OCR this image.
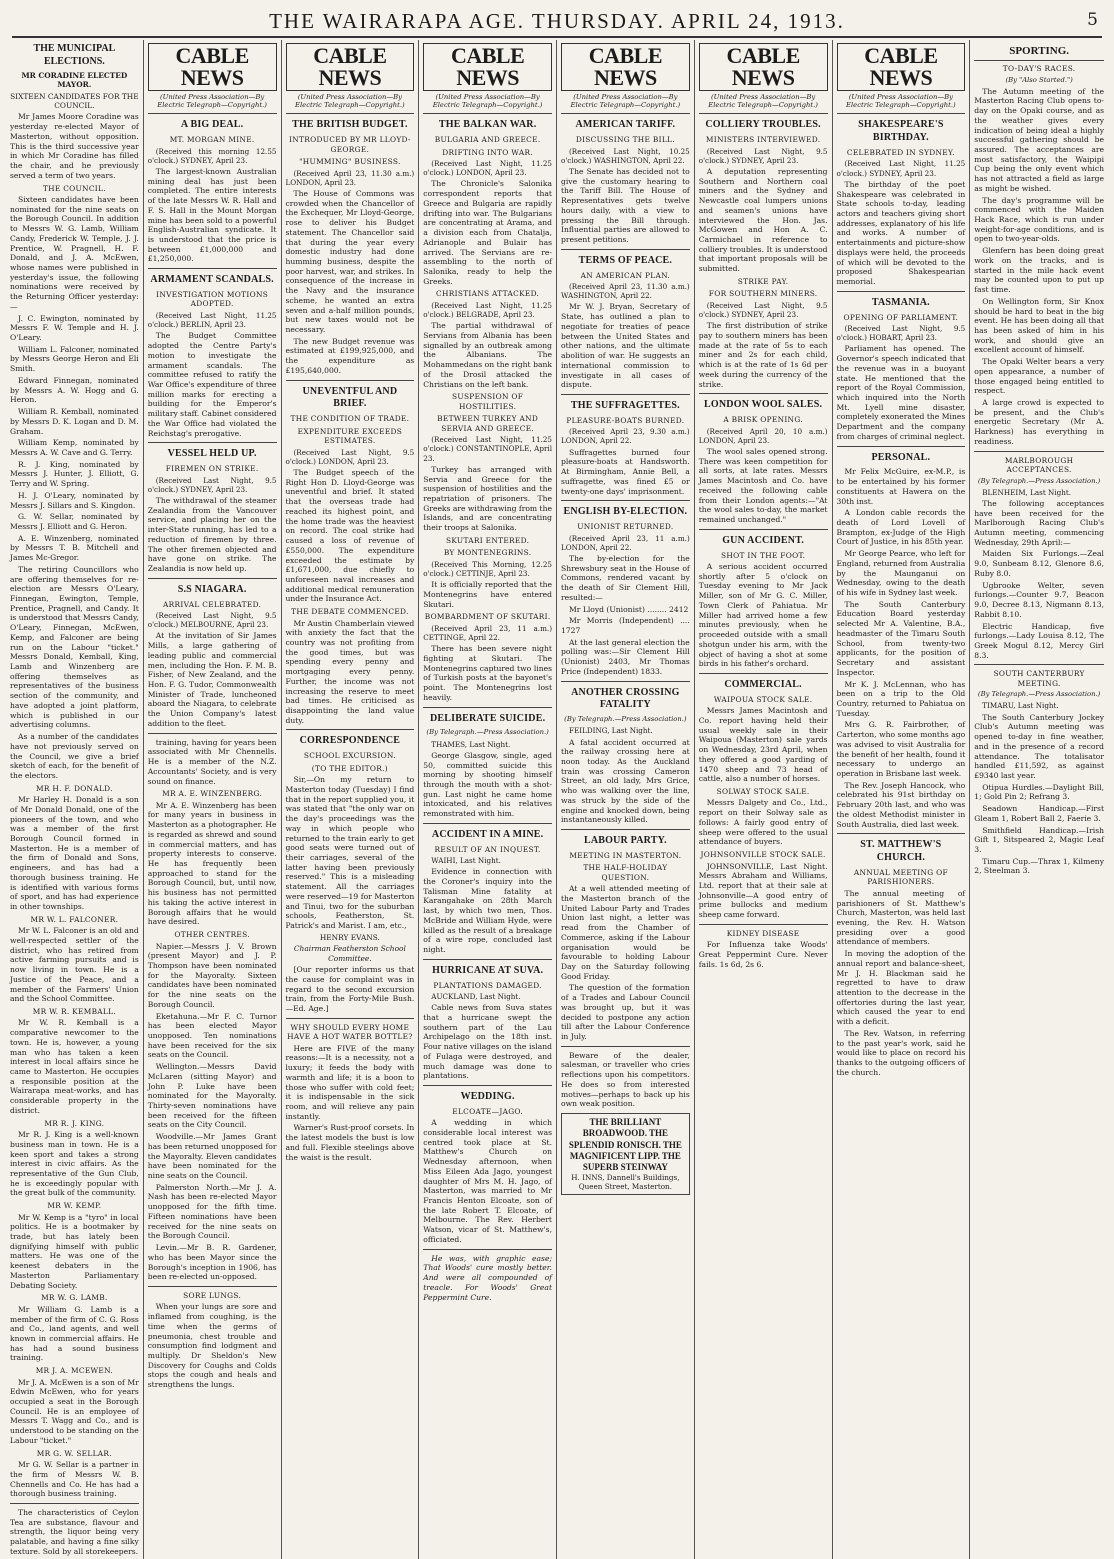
THE WAIRARAPA AGE. THURSDAY. APRIL 24, 1913.	5
THE MUNICIPAL ELECTIONS.
MR CORADINE ELECTED MAYOR.
SIXTEEN CANDIDATES FOR THE COUNCIL.

Mr James Moore Coradine was yesterday re-elected Mayor of Masterton, without opposition. This is the third successive year in which Mr Coradine has filled the chair, and he previously served a term of two years.

THE COUNCIL.

Sixteen candidates have been nominated for the nine seats on the Borough Council. In addition to Messrs W. G. Lamb, William Candy, Frederick W. Temple, J. J. Prentice, W. Pragnell, H. F. Donald, and J. A. McEwen, whose names were published in yesterday's issue, the following nominations were received by the Returning Officer yesterday:—

J. C. Ewington, nominated by Messrs F. W. Temple and H. J. O'Leary.

William L. Falconer, nominated by Messrs George Heron and Eli Smith.

Edward Finnegan, nominated by Messrs A. W. Hogg and G. Heron.

William R. Kemball, nominated by Messrs D. K. Logan and D. M. Graham.

William Kemp, nominated by Messrs A. W. Cave and G. Terry.

R. J. King, nominated by Messrs J. Hunter, J. Elliott, G. Terry and W. Spring.

H. J. O'Leary, nominated by Messrs J. Sillars and S. Kingdon.

G. W. Sellar, nominated by Messrs J. Elliott and G. Heron.

A. E. Winzenberg, nominated by Messrs T. B. Mitchell and James Mc-Gregor.

The retiring Councillors who are offering themselves for re-election are Messrs O'Leary, Finnegan, Ewington, Temple, Prentice, Pragnell, and Candy. It is understood that Messrs Candy, O'Leary, Finnegan, McEwen, Kemp, and Falconer are being run on the Labour "ticket." Messrs Donald, Kemball, King, Lamb and Winzenberg are offering themselves as representatives of the business section of the community, and have adopted a joint platform, which is published in our advertising columns.

As a number of the candidates have not previously served on the Council, we give a brief sketch of each, for the benefit of the electors.

MR H. F. DONALD.

Mr Harley H. Donald is a son of Mr Donald Donald, one of the pioneers of the town, and who was a member of the first Borough Council formed in Masterton. He is a member of the firm of Donald and Sons, engineers, and has had a thorough business training. He is identified with various forms of sport, and has had experience in other townships.

MR W. L. FALCONER.

Mr W. L. Falconer is an old and well-respected settler of the district, who has retired from active farming pursuits and is now living in town. He is a Justice of the Peace, and a member of the Farmers' Union and the School Committee.

MR W. R. KEMBALL.

Mr W. R. Kemball is a comparative newcomer to the town. He is, however, a young man who has taken a keen interest in local affairs since he came to Masterton. He occupies a responsible position at the Wairarapa meat-works, and has considerable property in the district.

MR R. J. KING.

Mr R. J. King is a well-known business man in town. He is a keen sport and takes a strong interest in civic affairs. As the representative of the Gun Club, he is exceedingly popular with the great bulk of the community.

MR W. KEMP.

Mr W. Kemp is a "tyro" in local politics. He is a bootmaker by trade, but has lately been dignifying himself with public matters. He was one of the keenest debaters in the Masterton Parliamentary Debating Society.

MR W. G. LAMB.

Mr William G. Lamb is a member of the firm of C. G. Ross and Co., land agents, and well known in commercial affairs. He has had a sound business training.

MR J. A. MCEWEN.

Mr J. A. McEwen is a son of Mr Edwin McEwen, who for years occupied a seat in the Borough Council. He is an employee of Messrs T. Wagg and Co., and is understood to be standing on the Labour "ticket."

MR G. W. SELLAR.

Mr G. W. Sellar is a partner in the firm of Messrs W. B. Chennells and Co. He has had a thorough business training.

The characteristics of Ceylon Tea are substance, flavour and strength, the liquor being very palatable, and having a fine silky texture. Sold by all storekeepers.

CABLE NEWS
(United Press Association—By Electric Telegraph—Copyright.)
A BIG DEAL.
MT. MORGAN MINE.

(Received this morning 12.55 o'clock.) SYDNEY, April 23.

The largest-known Australian mining deal has just been completed. The entire interests of the late Messrs W. R. Hall and F. S. Hall in the Mount Morgan mine has been sold to a powerful English-Australian syndicate. It is understood that the price is between £1,000,000 and £1,250,000.

ARMAMENT SCANDALS.
INVESTIGATION MOTIONS ADOPTED.

(Received Last Night, 11.25 o'clock.) BERLIN, April 23.

The Budget Committee adopted the Centre Party's motion to investigate the armament scandals. The committee refused to ratify the War Office's expenditure of three million marks for erecting a building for the Emperor's military staff. Cabinet considered the War Office had violated the Reichstag's prerogative.

VESSEL HELD UP.
FIREMEN ON STRIKE.

(Received Last Night, 9.5 o'clock.) SYDNEY, April 23.

The withdrawal of the steamer Zealandia from the Vancouver service, and placing her on the inter-State running, has led to a reduction of firemen by three. The other firemen objected and have gone on strike. The Zealandia is now held up.

S.S NIAGARA.
ARRIVAL CELEBRATED.

(Received Last Night, 9.5 o'clock.) MELBOURNE, April 23.

At the invitation of Sir James Mills, a large gathering of leading public and commercial men, including the Hon. F. M. B. Fisher, of New Zealand, and the Hon. F. G. Tudor, Commonwealth Minister of Trade, luncheoned aboard the Niagara, to celebrate the Union Company's latest addition to the fleet.

training, having for years been associated with Mr Chennells. He is a member of the N.Z. Accountants' Society, and is very sound on finance.

MR A. E. WINZENBERG.

Mr A. E. Winzenberg has been for many years in business in Masterton as a photographer. He is regarded as shrewd and sound in commercial matters, and has property interests to conserve. He has frequently been approached to stand for the Borough Council, but, until now, his business has not permitted his taking the active interest in Borough affairs that he would have desired.

OTHER CENTRES.

Napier.—Messrs J. V. Brown (present Mayor) and J. P. Thompson have been nominated for the Mayoralty. Sixteen candidates have been nominated for the nine seats on the Borough Council.

Eketahuna.—Mr F. C. Turnor has been elected Mayor unopposed. Ten nominations have been received for the six seats on the Council.

Wellington.—Messrs David McLaren (sitting Mayor) and John P. Luke have been nominated for the Mayoralty. Thirty-seven nominations have been received for the fifteen seats on the City Council.

Woodville.—Mr James Grant has been returned unopposed for the Mayoralty. Eleven candidates have been nominated for the nine seats on the Council.

Palmerston North.—Mr J. A. Nash has been re-elected Mayor unopposed for the fifth time. Fifteen nominations have been received for the nine seats on the Borough Council.

Levin.—Mr B. R. Gardener, who has been Mayor since the Borough's inception in 1906, has been re-elected un-opposed.

SORE LUNGS.

When your lungs are sore and inflamed from coughing, is the time when the germs of pneumonia, chest trouble and consumption find lodgment and multiply. Dr Sheldon's New Discovery for Coughs and Colds stops the cough and heals and strengthens the lungs.

CABLE NEWS
(United Press Association—By Electric Telegraph—Copyright.)
THE BRITISH BUDGET.
INTRODUCED BY MR LLOYD-GEORGE.
"HUMMING" BUSINESS.

(Received April 23, 11.30 a.m.) LONDON, April 23.

The House of Commons was crowded when the Chancellor of the Exchequer, Mr Lloyd-George, rose to deliver his Budget statement. The Chancellor said that during the year every domestic industry had done humming business, despite the poor harvest, war, and strikes. In consequence of the increase in the Navy and the insurance scheme, he wanted an extra seven and a-half million pounds, but new taxes would not be necessary.

The new Budget revenue was estimated at £199,925,000, and the expenditure as £195,640,000.

UNEVENTFUL AND BRIEF.
THE CONDITION OF TRADE.
EXPENDITURE EXCEEDS ESTIMATES.

(Received Last Night, 9.5 o'clock.) LONDON, April 23.

The Budget speech of the Right Hon D. Lloyd-George was uneventful and brief. It stated that the overseas trade had reached its highest point, and the home trade was the heaviest on record. The coal strike had caused a loss of revenue of £550,000. The expenditure exceeded the estimate by £1,671,000, due chiefly to unforeseen naval increases and additional medical remuneration under the Insurance Act.

THE DEBATE COMMENCED.

Mr Austin Chamberlain viewed with anxiety the fact that the country was not profiting from the good times, but was spending every penny and mortgaging every penny. Further, the income was not increasing the reserve to meet bad times. He criticised as disappointing the land value duty.

CORRESPONDENCE
SCHOOL EXCURSION.
(TO THE EDITOR.)

Sir,—On my return to Masterton today (Tuesday) I find that in the report supplied you, it was stated that "the only war on the day's proceedings was the way in which people who returned to the train early to get good seats were turned out of their carriages, several of the latter having been previously reserved." This is a misleading statement. All the carriages were reserved—19 for Masterton and Tinui, two for the suburban schools, Featherston, St. Patrick's and Marist. I am, etc.,

HENRY EVANS.
Chairman Featherston School Committee.

[Our reporter informs us that the cause for complaint was in regard to the second excursion train, from the Forty-Mile Bush.—Ed. Age.]

WHY SHOULD EVERY HOME HAVE A HOT WATER BOTTLE?

Here are FIVE of the many reasons:—It is a necessity, not a luxury; it feeds the body with warmth and life; it is a boon to those who suffer with cold feet; it is indispensable in the sick room, and will relieve any pain instantly.

Warner's Rust-proof corsets. In the latest models the bust is low and full. Flexible steelings above the waist is the result.

CABLE NEWS
(United Press Association—By Electric Telegraph—Copyright.)
THE BALKAN WAR.
BULGARIA AND GREECE.
DRIFTING INTO WAR.

(Received Last Night, 11.25 o'clock.) LONDON, April 23.

The Chronicle's Salonika correspondent reports that Greece and Bulgaria are rapidly drifting into war. The Bulgarians are concentrating at Arama, and a division each from Chatalja, Adrianople and Bulair has arrived. The Servians are re-assembling to the north of Salonika, ready to help the Greeks.

CHRISTIANS ATTACKED.

(Received Last Night, 11.25 o'clock.) BELGRADE, April 23.

The partial withdrawal of Servians from Albania has been signalled by an outbreak among the Albanians. The Mohammedans on the right bank of the Drosil attacked the Christians on the left bank.

SUSPENSION OF HOSTILITIES.
BETWEEN TURKEY AND SERVIA AND GREECE.

(Received Last Night, 11.25 o'clock.) CONSTANTINOPLE, April 23.

Turkey has arranged with Servia and Greece for the suspension of hostilities and the repatriation of prisoners. The Greeks are withdrawing from the Islands, and are concentrating their troops at Salonika.

SKUTARI ENTERED.
BY MONTENEGRINS.

(Received This Morning, 12.25 o'clock.) CETTINJE, April 23.

It is officially reported that the Montenegrins have entered Skutari.

BOMBARDMENT OF SKUTARI.

(Received April 23, 11 a.m.) CETTINGE, April 22.

There has been severe night fighting at Skutari. The Montenegrins captured two lines of Turkish posts at the bayonet's point. The Montenegrins lost heavily.

DELIBERATE SUICIDE.
(By Telegraph.—Press Association.)

THAMES, Last Night.

George Glasgow, single, aged 50, committed suicide this morning by shooting himself through the mouth with a shot-gun. Last night he came home intoxicated, and his relatives remonstrated with him.

ACCIDENT IN A MINE.
RESULT OF AN INQUEST.

WAIHI, Last Night.

Evidence in connection with the Coroner's inquiry into the Talisman Mine fatality at Karangahake on 28th March last, by which two men, Thos. McBride and William Hyde, were killed as the result of a breakage of a wire rope, concluded last night.

HURRICANE AT SUVA.
PLANTATIONS DAMAGED.

AUCKLAND, Last Night.

Cable news from Suva states that a hurricane swept the southern part of the Lau Archipelago on the 18th inst. Four native villages on the island of Fulaga were destroyed, and much damage was done to plantations.

WEDDING.
ELCOATE—JAGO.

A wedding in which considerable local interest was centred took place at St. Matthew's Church on Wednesday afternoon, when Miss Eileen Ada Jago, youngest daughter of Mrs M. H. Jago, of Masterton, was married to Mr Francis Henton Elcoate, son of the late Robert T. Elcoate, of Melbourne. The Rev. Herbert Watson, vicar of St. Matthew's, officiated.

He was, with graphic ease; That Woods' cure mostly better. And were all compounded of treacle. For Woods' Great Peppermint Cure.

CABLE NEWS
(United Press Association—By Electric Telegraph—Copyright.)
AMERICAN TARIFF.
DISCUSSING THE BILL.

(Received Last Night, 10.25 o'clock.) WASHINGTON, April 22.

The Senate has decided not to give the customary hearing to the Tariff Bill. The House of Representatives gets twelve hours daily, with a view to pressing the Bill through. Influential parties are allowed to present petitions.

TERMS OF PEACE.
AN AMERICAN PLAN.

(Received April 23, 11.30 a.m.) WASHINGTON, April 22.

Mr W. J. Bryan, Secretary of State, has outlined a plan to negotiate for treaties of peace between the United States and other nations, and the ultimate abolition of war. He suggests an international commission to investigate in all cases of dispute.

THE SUFFRAGETTES.
PLEASURE-BOATS BURNED.

(Received April 23, 9.30 a.m.) LONDON, April 22.

Suffragettes burned four pleasure-boats at Handsworth. At Birmingham, Annie Bell, a suffragette, was fined £5 or twenty-one days' imprisonment.

ENGLISH BY-ELECTION.
UNIONIST RETURNED.

(Received April 23, 11 a.m.) LONDON, April 22.

The by-election for the Shrewsbury seat in the House of Commons, rendered vacant by the death of Sir Clement Hill, resulted:—

Mr Lloyd (Unionist) ........ 2412

Mr Morris (Independent) .... 1727

At the last general election the polling was:—Sir Clement Hill (Unionist) 2403, Mr Thomas Price (Independent) 1833.

ANOTHER CROSSING FATALITY
(By Telegraph.—Press Association.)

FEILDING, Last Night.

A fatal accident occurred at the railway crossing here at noon today. As the Auckland train was crossing Cameron Street, an old lady, Mrs Grice, who was walking over the line, was struck by the side of the engine and knocked down, being instantaneously killed.

LABOUR PARTY.
MEETING IN MASTERTON.
THE HALF-HOLIDAY QUESTION.

At a well attended meeting of the Masterton branch of the United Labour Party and Trades Union last night, a letter was read from the Chamber of Commerce, asking if the Labour organisation would be favourable to holding Labour Day on the Saturday following Good Friday.

The question of the formation of a Trades and Labour Council was brought up, but it was decided to postpone any action till after the Labour Conference in July.

Beware of the dealer, salesman, or traveller who cries reflections upon his competitors. He does so from interested motives—perhaps to back up his own weak position.

THE BRILLIANT BROADWOOD. THE SPLENDID RONISCH. THE MAGNIFICENT LIPP. THE SUPERB STEINWAY
H. INNS, Dannell's Buildings, Queen Street, Masterton.
CABLE NEWS
(United Press Association—By Electric Telegraph—Copyright.)
COLLIERY TROUBLES.
MINISTERS INTERVIEWED.

(Received Last Night, 9.5 o'clock.) SYDNEY, April 23.

A deputation representing Southern and Northern coal miners and the Sydney and Newcastle coal lumpers unions and seamen's unions have interviewed the Hon. Jas. McGowen and Hon A. C. Carmichael in reference to colliery troubles. It is understood that important proposals will be submitted.

STRIKE PAY.
FOR SOUTHERN MINERS.

(Received Last Night, 9.5 o'clock.) SYDNEY, April 23.

The first distribution of strike pay to southern miners has been made at the rate of 5s to each miner and 2s for each child, which is at the rate of 1s 6d per week during the currency of the strike.

LONDON WOOL SALES.
A BRISK OPENING.

(Received April 20, 10 a.m.) LONDON, April 23.

The wool sales opened strong. There was keen competition for all sorts, at late rates. Messrs James Macintosh and Co. have received the following cable from their London agents:—"At the wool sales to-day, the market remained unchanged."

GUN ACCIDENT.
SHOT IN THE FOOT.

A serious accident occurred shortly after 5 o'clock on Tuesday evening to Mr Jack Miller, son of Mr G. C. Miller, Town Clerk of Pahiatua. Mr Miller had arrived home a few minutes previously, when he proceeded outside with a small shotgun under his arm, with the object of having a shot at some birds in his father's orchard.

COMMERCIAL.
WAIPOUA STOCK SALE.

Messrs James Macintosh and Co. report having held their usual weekly sale in their Waipoua (Masterton) sale yards on Wednesday, 23rd April, when they offered a good yarding of 1470 sheep and 73 head of cattle, also a number of horses.

SOLWAY STOCK SALE.

Messrs Dalgety and Co., Ltd., report on their Solway sale as follows: A fairly good entry of sheep were offered to the usual attendance of buyers.

JOHNSONVILLE STOCK SALE.

JOHNSONVILLE, Last Night. Messrs Abraham and Williams, Ltd. report that at their sale at Johnsonville—A good entry of prime bullocks and medium sheep came forward.

KIDNEY DISEASE

For Influenza take Woods' Great Peppermint Cure. Never fails. 1s 6d, 2s 6.

CABLE NEWS
(United Press Association—By Electric Telegraph—Copyright.)
SHAKESPEARE'S BIRTHDAY.
CELEBRATED IN SYDNEY.

(Received Last Night, 11.25 o'clock.) SYDNEY, April 23.

The birthday of the poet Shakespeare was celebrated in State schools to-day, leading actors and teachers giving short addresses, explanatory of his life and works. A number of entertainments and picture-show displays were held, the proceeds of which will be devoted to the proposed Shakespearian memorial.

TASMANIA.
OPENING OF PARLIAMENT.

(Received Last Night, 9.5 o'clock.) HOBART, April 23.

Parliament has opened. The Governor's speech indicated that the revenue was in a buoyant state. He mentioned that the report of the Royal Commission, which inquired into the North Mt. Lyell mine disaster, completely exonerated the Mines Department and the company from charges of criminal neglect.

PERSONAL.

Mr Felix McGuire, ex-M.P., is to be entertained by his former constituents at Hawera on the 30th inst.

A London cable records the death of Lord Lovell of Brampton, ex-Judge of the High Court of Justice, in his 85th year.

Mr George Pearce, who left for England, returned from Australia by the Maunganui on Wednesday, owing to the death of his wife in Sydney last week.

The South Canterbury Education Board yesterday selected Mr A. Valentine, B.A., headmaster of the Timaru South School, from twenty-two applicants, for the position of Secretary and assistant Inspector.

Mr K. J. McLennan, who has been on a trip to the Old Country, returned to Pahiatua on Tuesday.

Mrs G. R. Fairbrother, of Carterton, who some months ago was advised to visit Australia for the benefit of her health, found it necessary to undergo an operation in Brisbane last week.

The Rev. Joseph Hancock, who celebrated his 91st birthday on February 20th last, and who was the oldest Methodist minister in South Australia, died last week.

ST. MATTHEW'S CHURCH.
ANNUAL MEETING OF PARISHIONERS.

The annual meeting of parishioners of St. Matthew's Church, Masterton, was held last evening, the Rev. H. Watson presiding over a good attendance of members.

In moving the adoption of the annual report and balance-sheet, Mr J. H. Blackman said he regretted to have to draw attention to the decrease in the offertories during the last year, which caused the year to end with a deficit.

The Rev. Watson, in referring to the past year's work, said he would like to place on record his thanks to the outgoing officers of the church.

SPORTING.
TO-DAY'S RACES.
(By "Also Started.")

The Autumn meeting of the Masterton Racing Club opens to-day on the Opaki course, and as the weather gives every indication of being ideal a highly successful gathering should be assured. The acceptances are most satisfactory, the Waipipi Cup being the only event which has not attracted a field as large as might be wished.

The day's programme will be commenced with the Maiden Hack Race, which is run under weight-for-age conditions, and is open to two-year-olds.

Glenfern has been doing great work on the tracks, and is started in the mile hack event may be counted upon to put up fast time.

On Wellington form, Sir Knox should be hard to beat in the big event. He has been doing all that has been asked of him in his work, and should give an excellent account of himself.

The Opaki Welter bears a very open appearance, a number of those engaged being entitled to respect.

A large crowd is expected to be present, and the Club's energetic Secretary (Mr A. Harkness) has everything in readiness.

MARLBOROUGH ACCEPTANCES.
(By Telegraph.—Press Association.)

BLENHEIM, Last Night.

The following acceptances have been received for the Marlborough Racing Club's Autumn meeting, commencing Wednesday, 29th April:—

Maiden Six Furlongs.—Zeal 9.0, Sunbeam 8.12, Glenore 8.6, Ruby 8.0.

Ugbrooke Welter, seven furlongs.—Counter 9.7, Beacon 9.0, Decree 8.13, Nigmann 8.13, Rabbit 8.10.

Electric Handicap, five furlongs.—Lady Louisa 8.12, The Greek Mogul 8.12, Mercy Girl 8.3.

SOUTH CANTERBURY MEETING.
(By Telegraph.—Press Association.)

TIMARU, Last Night.

The South Canterbury Jockey Club's Autumn meeting was opened to-day in fine weather, and in the presence of a record attendance. The totalisator handled £11,592, as against £9340 last year.

Otipua Hurdles.—Daylight Bill, 1; Gold Pin 2; Refrang 3.

Seadown Handicap.—First Gleam 1, Robert Ball 2, Faerie 3.

Smithfield Handicap.—Irish Gift 1, Sitspeared 2, Magic Leaf 3.

Timaru Cup.—Thrax 1, Kilmeny 2, Steelman 3.
